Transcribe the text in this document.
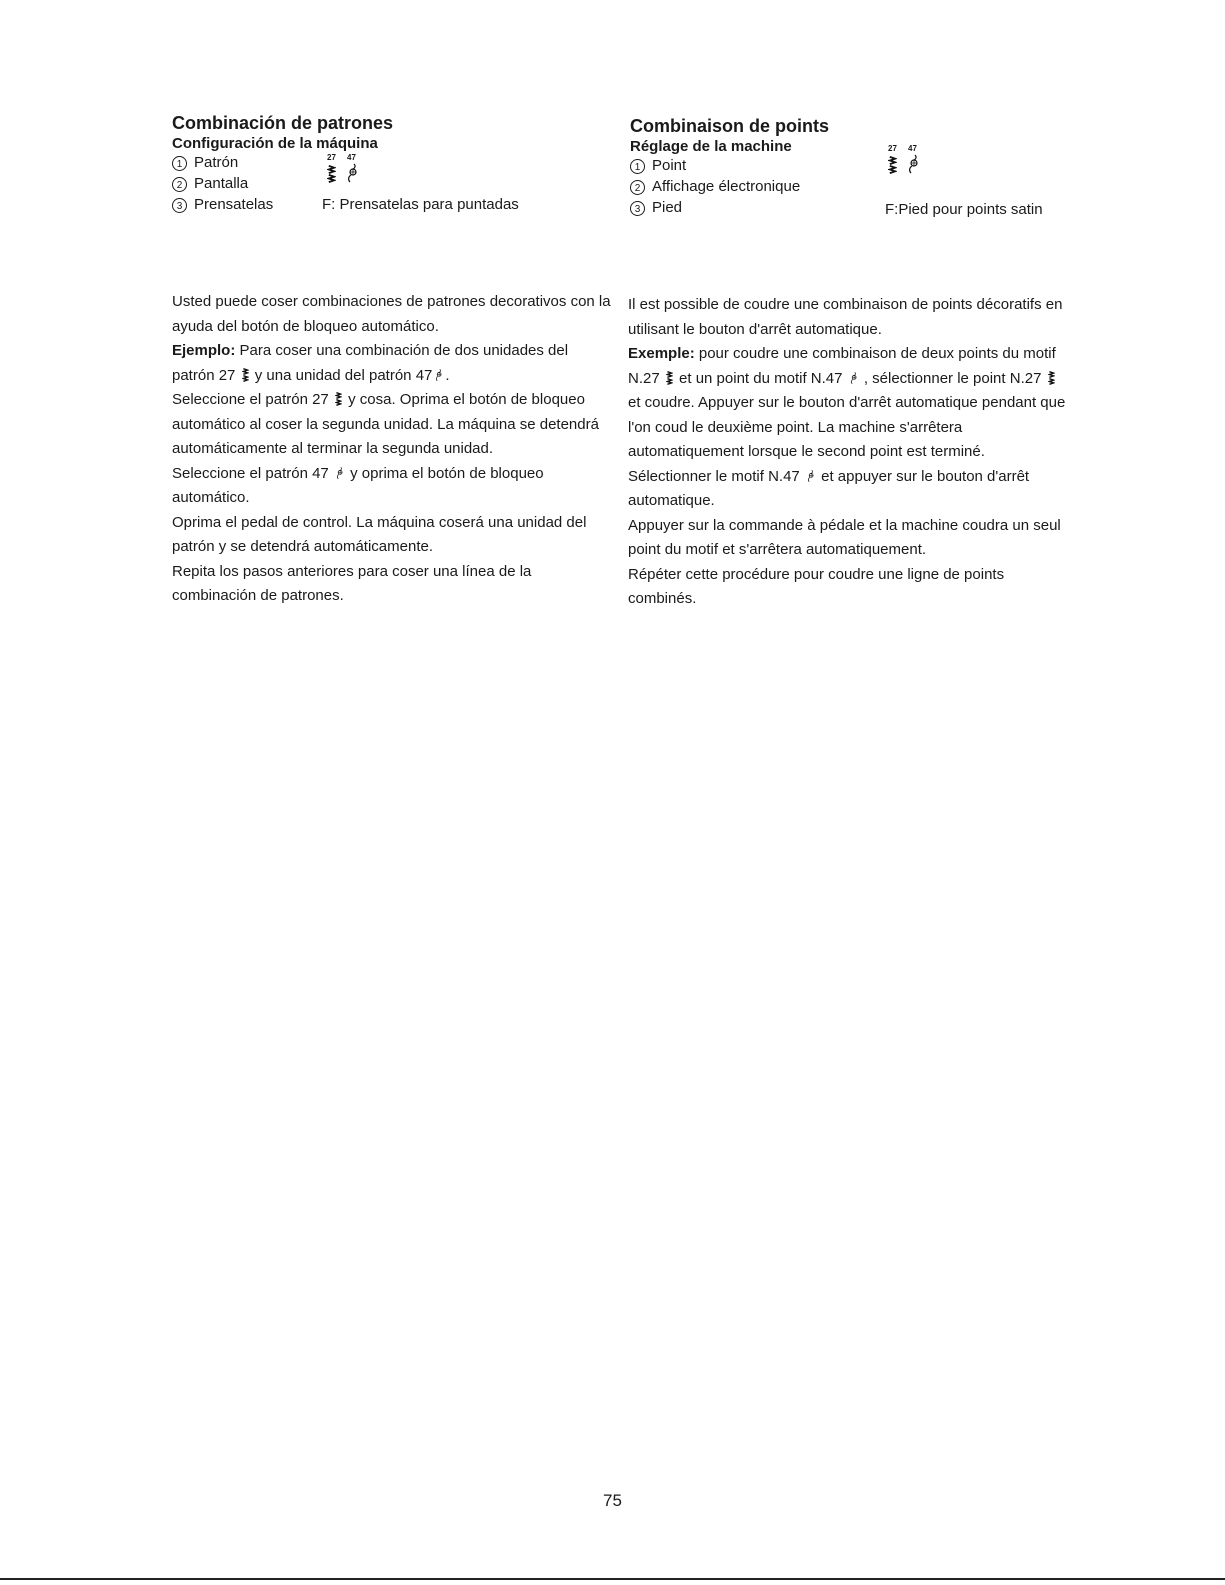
Combinación de patrones
Configuración de la máquina
1 Patrón
2 Pantalla
3 Prensatelas
27 47
F: Prensatelas para puntadas

Usted puede coser combinaciones de patrones decorativos con la ayuda del botón de bloqueo automático.

Ejemplo: Para coser una combinación de dos unidades del patrón 27 y una unidad del patrón 47 .

Seleccione el patrón 27 y cosa. Oprima el botón de bloqueo automático al coser la segunda unidad. La máquina se detendrá automáticamente al terminar la segunda unidad.

Seleccione el patrón 47 y oprima el botón de bloqueo automático.

Oprima el pedal de control. La máquina coserá una unidad del patrón y se detendrá automáticamente.

Repita los pasos anteriores para coser una línea de la combinación de patrones.

Combinaison de points
Réglage de la machine
1 Point
2 Affichage électronique
3 Pied
27 47
F:Pied pour points satin

Il est possible de coudre une combinaison de points décoratifs en utilisant le bouton d'arrêt automatique.

Exemple: pour coudre une combinaison de deux points du motif N.27 et un point du motif N.47 , sélectionner le point N.27  et coudre. Appuyer sur le bouton d'arrêt automatique pendant que l'on coud le deuxième point. La machine s'arrêtera automatiquement lorsque le second point est terminé.

Sélectionner le motif N.47 et appuyer sur le bouton d'arrêt automatique.

Appuyer sur la commande à pédale et la machine coudra un seul point du motif et s'arrêtera automatiquement.

Répéter cette procédure pour coudre une ligne de points combinés.

75
